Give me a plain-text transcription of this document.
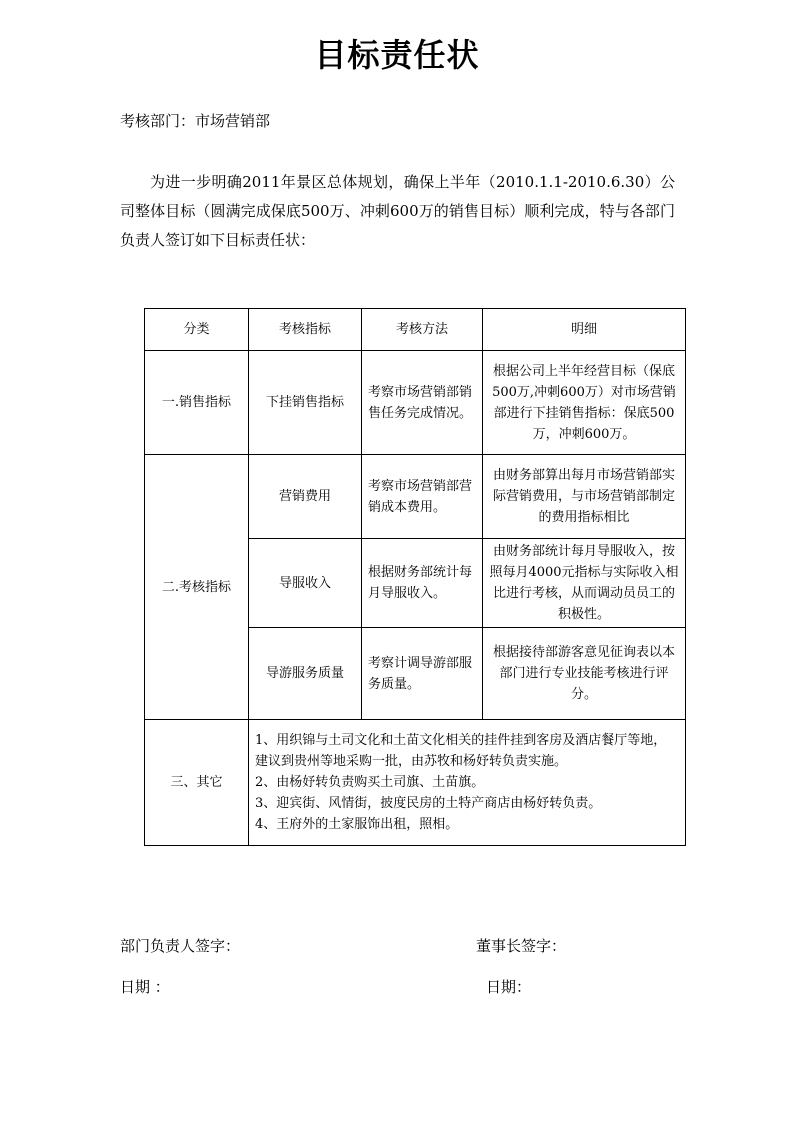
目标责任状
考核部门：市场营销部
为进一步明确2011年景区总体规划，确保上半年（2010.1.1-2010.6.30）公司整体目标（圆满完成保底500万、冲刺600万的销售目标）顺利完成，特与各部门负责人签订如下目标责任状：
分类	考核指标	考核方法	明细
一.销售指标	下挂销售指标	考察市场营销部销售任务完成情况。	根据公司上半年经营目标（保底500万,冲刺600万）对市场营销部进行下挂销售指标：保底500万，冲刺600万。
二.考核指标	营销费用	考察市场营销部营销成本费用。	由财务部算出每月市场营销部实际营销费用，与市场营销部制定的费用指标相比
	导服收入	根据财务部统计每月导服收入。	由财务部统计每月导服收入，按照每月4000元指标与实际收入相比进行考核，从而调动员员工的积极性。
	导游服务质量	考察计调导游部服务质量。	根据接待部游客意见征询表以本部门进行专业技能考核进行评分。
三、其它	1、用织锦与土司文化和土苗文化相关的挂件挂到客房及酒店餐厅等地，建议到贵州等地采购一批，由苏牧和杨妤转负责实施。
2、由杨妤转负责购买土司旗、土苗旗。
3、迎宾街、风情街，披度民房的土特产商店由杨妤转负责。
4、王府外的土家服饰出租，照相。		
部门负责人签字：	董事长签字：
日期 ：	日期：
